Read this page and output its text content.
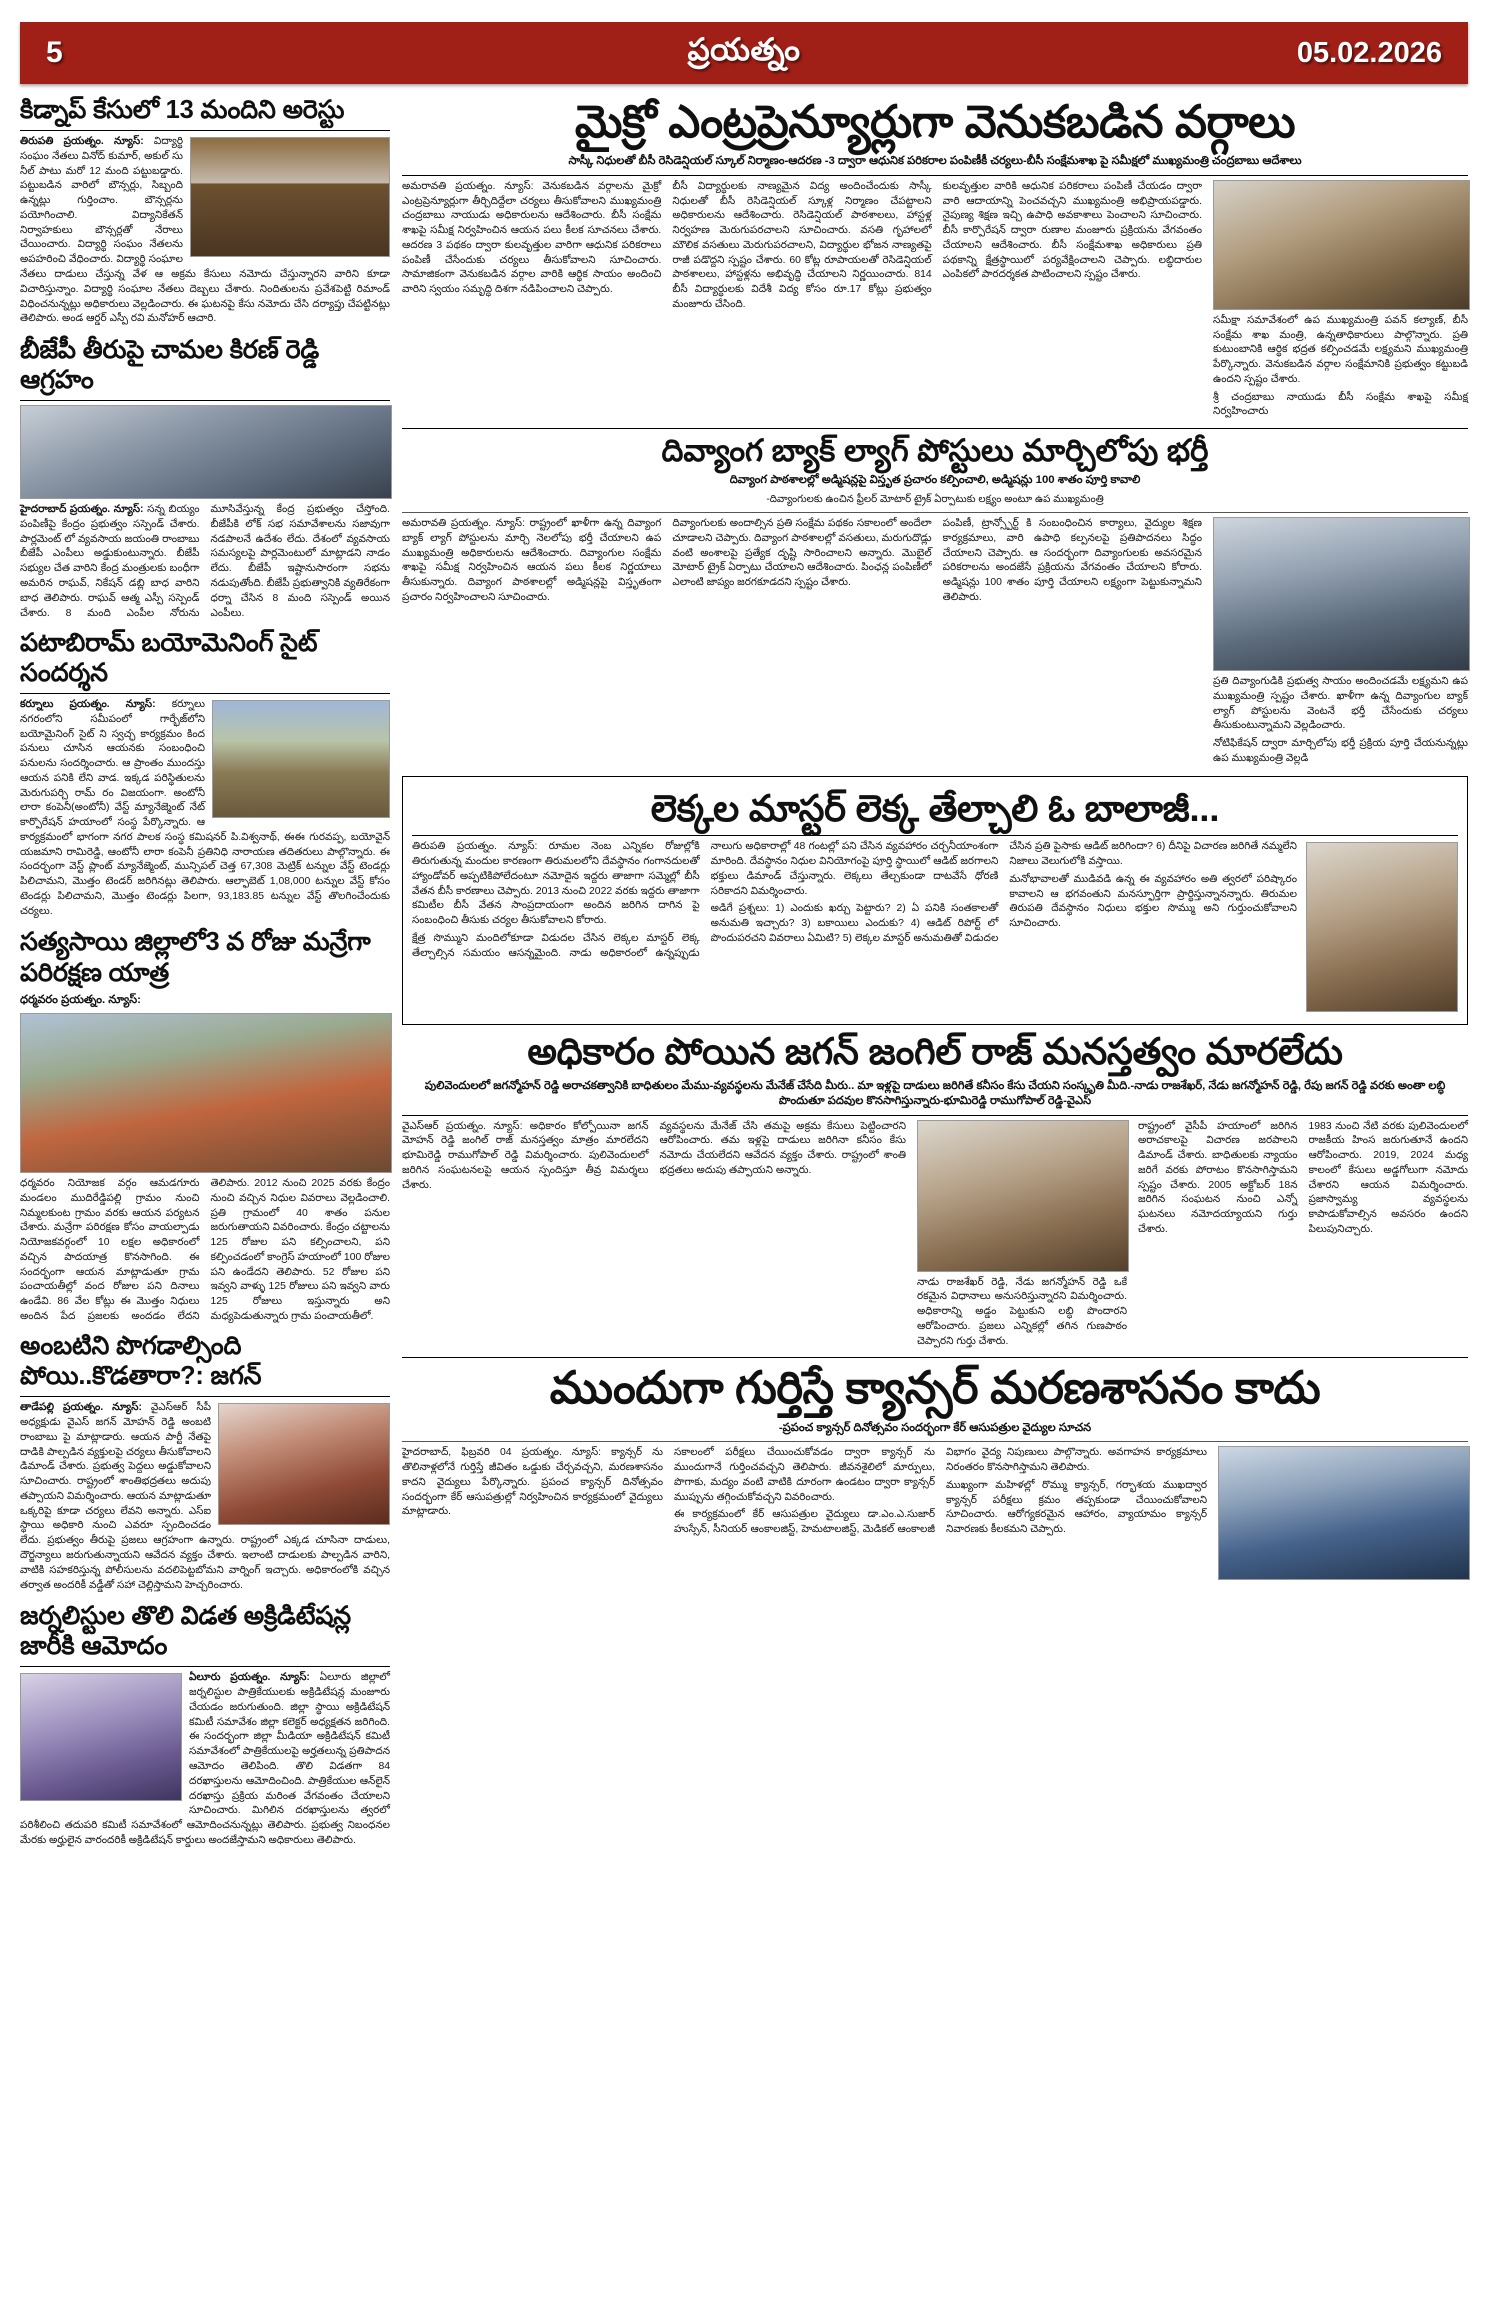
5	ప్రయత్నం	05.02.2026
కిడ్నాప్ కేసులో 13 మందిని అరెస్టు

తిరుపతి ప్రయత్నం. న్యూస్: విద్యార్థి సంఘం నేతలు వినోద్ కుమార్, అకుల్ సు నీల్ పాటు మరో 12 మంది పట్టుబడ్డారు. పట్టుబడిన వారిలో బౌన్సర్లు, సిబ్బంది ఉన్నట్లు గుర్తించాం. బౌన్సర్లను పయోగించాలి. విద్యానికేతన్ నిర్వాహకులు బౌన్సర్లతో నేరాలు చేయించారు. విద్యార్థి సంఘం నేతలను అపహరించి వేధించారు. విద్యార్థి సంఘాల నేతలు దాడులు చేస్తున్న వేళ ఆ అక్రమ కేసులు నమోదు చేస్తున్నారని వారిని కూడా విచారిస్తున్నాం. విద్యార్థి సంఘాల నేతలు దెబ్బలు చేశారు. నిందితులను ప్రవేశపెట్టి రిమాండ్ విధించనున్నట్లు అధికారులు వెల్లడించారు. ఈ ఘటనపై కేసు నమోదు చేసి దర్యాప్తు చేపట్టినట్లు తెలిపారు. అండ ఆర్డర్ ఎస్పీ రవి మనోహర్ ఆచారి.

బీజేపీ తీరుపై చామల కిరణ్ రెడ్డి ఆగ్రహం

హైదరాబాద్ ప్రయత్నం. న్యూస్: సన్న బియ్యం పంపిణీపై కేంద్రం ప్రభుత్వం సస్పెండ్ చేశారు. పార్లమెంట్ లో వ్యవసాయ జయంతి రాంబాబు బీజేపీ ఎంపీలు అడ్డుకుంటున్నారు. బీజేపీ సభ్యుల చేత వారిని కేంద్ర మంత్రులకు బంధీగా అమరిన రాఘవ్, నికేషన్ డబ్లి బాధ వారిని బాధ తెలిపారు. రాఘవ్ ఆత్మ ఎస్పీ సస్పెండ్ చేశారు. 8 మంది ఎంపీల నోరును మూసివేస్తున్న కేంద్ర ప్రభుత్వం చేస్తోంది. బీజేపీకి లోక్ సభ సమావేశాలను సజావుగా నడపాలనే ఉదేశం లేదు. దేశంలో వ్యవసాయ సమస్యలపై పార్లమెంటులో మాట్లాడని నాడం లేదు. బీజేపీ ఇష్టానుసారంగా సభను నడుపుతోంది. బీజేపీ ప్రభుత్వానికి వ్యతిరేకంగా ధర్నా చేసిన 8 మంది సస్పెండ్ అయిన ఎంపీలు.

పటాబిరామ్ బయోమెనింగ్ సైట్ సందర్శన

కర్నూలు ప్రయత్నం. న్యూస్: కర్నూలు నగరంలోని సమీపంలో గార్భేజ్‌లోని బయోమైనింగ్ సైట్ ని స్వచ్ఛ కార్యక్రమం కింద పనులు చూసిన ఆయనకు సంబంధించి పనులను సందర్శించారు. ఆ ప్రాంతం ముందస్తు ఆయన పనికి లేని వాడ. ఇక్కడ పరిస్థితులను మెరుగుపర్చి రామ్ రం విజయంగా. అంటోనీ లారా కంపెనీ(అంటోనీ) వేస్ట్ మ్యానేజ్మెంట్ నేట్ కార్పొరేషన్ హయాంలో సంస్థ పేర్కొన్నారు. ఆ కార్యక్రమంలో భాగంగా నగర పాలక సంస్థ కమిషనర్ పి.విశ్వనాథ్, ఈఈ గురవప్ప, బయోవైన్ యజమాని రామిరెడ్డి, ఆంటోనీ లారా కంపెనీ ప్రతినిధి నారాయణ తదితరులు పాల్గొన్నారు. ఈ సందర్భంగా వెస్ట్ ప్లాంట్ మ్యానేజ్మెంట్, మున్సిపల్ చెత్త 67,308 మెట్రిక్ టన్నుల వేస్ట్ టెండర్లు పిలిచామని, మొత్తం టెండర్ జరిగినట్లు తెలిపారు. ఆల్ఫాబెట్ 1,08,000 టన్నుల వేస్ట్ కోసం టెండర్లు పిలిచామని, మొత్తం టెండర్లు పిలగా, 93,183.85 టన్నుల వేస్ట్ తొలగించేందుకు చర్యలు.

సత్యసాయి జిల్లాలో3 వ రోజు మన్రేగా పరిరక్షణ యాత్ర
ధర్మవరం ప్రయత్నం. న్యూస్:

ధర్మవరం నియోజక వర్గం ఆమడగూరు మండలం ముదిరేడ్డిపల్లి గ్రామం నుంచి నిమ్మలకుంట గ్రామం వరకు ఆయన పర్యటన చేశారు. మన్రేగా పరిరక్షణ కోసం వాయల్పాడు నియోజకవర్గంలో 10 లక్షల అధికారంలో వచ్చిన పాదయాత్ర కొనసాగింది. ఈ సందర్భంగా ఆయన మాట్లాడుతూ గ్రామ పంచాయతీల్లో వంద రోజుల పని దినాలు ఉండేవి. 86 వేల కోట్లు ఈ మొత్తం నిధులు అందిన పేద ప్రజలకు అందడం లేదని తెలిపారు. 2012 నుంచి 2025 వరకు కేంద్రం నుంచి వచ్చిన నిధుల వివరాలు వెల్లడించాలి. ప్రతి గ్రామంలో 40 శాతం పనుల జరుగుతాయని వివరించారు. కేంద్రం చట్టాలను 125 రోజుల పని కల్పించాలని, పని కల్పించడంలో కాంగ్రెస్ హయాంలో 100 రోజుల పని ఉండేదని తెలిపారు. 52 రోజుల పని ఇవ్వని వాళ్ళు 125 రోజులు పని ఇవ్వని వారు 125 రోజులు ఇస్తున్నారు అని మధ్యపెడుతున్నారు గ్రామ పంచాయతీలో.

అంబటిని పొగడాల్సింది పోయి..కొడతారా?: జగన్

తాడేపల్లి ప్రయత్నం. న్యూస్: వైఎస్ఆర్ సీపీ అధ్యక్షుడు వైఎస్ జగన్ మోహన్ రెడ్డి అంబటి రాంబాబు పై మాట్లాడారు. ఆయన పార్టీ నేతపై దాడికి పాల్పడిన వ్యక్తులపై చర్యలు తీసుకోవాలని డిమాండ్ చేశారు. ప్రభుత్వ పెద్దలు అడ్డుకోవాలని సూచించారు. రాష్ట్రంలో శాంతిభద్రతలు అదుపు తప్పాయని విమర్శించారు. ఆయన మాట్లాడుతూ ఒక్కరిపై కూడా చర్యలు లేవని అన్నారు. ఎస్ఐ స్థాయి అధికారి నుంచి ఎవరూ స్పందించడం లేదు. ప్రభుత్వం తీరుపై ప్రజలు ఆగ్రహంగా ఉన్నారు. రాష్ట్రంలో ఎక్కడ చూసినా దాడులు, దౌర్జన్యాలు జరుగుతున్నాయని ఆవేదన వ్యక్తం చేశారు. ఇలాంటి దాడులకు పాల్పడిన వారిని, వాటికి సహకరిస్తున్న పోలీసులను వదలిపెట్టబోమని వార్నింగ్ ఇచ్చారు. అధికారంలోకి వచ్చిన తర్వాత అందరికీ వడ్డీతో సహా చెల్లిస్తామని హెచ్చరించారు.

జర్నలిస్టుల తొలి విడత అక్రిడిటేషన్ల జారీకి ఆమోదం

ఏలూరు ప్రయత్నం. న్యూస్: ఏలూరు జిల్లాలో జర్నలిస్టుల పాత్రికేయులకు అక్రిడిటేషన్ల మంజూరు చేయడం జరుగుతుంది. జిల్లా స్థాయి అక్రిడిటేషన్ కమిటీ సమావేశం జిల్లా కలెక్టర్ అధ్యక్షతన జరిగింది. ఈ సందర్భంగా జిల్లా మీడియా అక్రిడిటేషన్ కమిటీ సమావేశంలో పాత్రికేయులపై అర్హతలున్న ప్రతిపాదన ఆమోదం తెలిపింది. తొలి విడతగా 84 దరఖాస్తులను ఆమోదించింది. పాత్రికేయుల ఆన్‌లైన్ దరఖాస్తు ప్రక్రియ మరింత వేగవంతం చేయాలని సూచించారు. మిగిలిన దరఖాస్తులను త్వరలో పరిశీలించి తదుపరి కమిటీ సమావేశంలో ఆమోదించనున్నట్లు తెలిపారు. ప్రభుత్వ నిబంధనల మేరకు అర్హులైన వారందరికీ అక్రిడిటేషన్ కార్డులు అందజేస్తామని అధికారులు తెలిపారు.

మైక్రో ఎంట్రప్రెన్యూర్లుగా వెనుకబడిన వర్గాలు
సాస్కీ నిధులతో బీసీ రెసిడెన్షియల్ స్కూల్ నిర్మాణం-ఆదరణ -3 ద్వారా ఆధునిక పరికరాల పంపిణీకీ చర్యలు-బీసీ సంక్షేమశాఖ పై సమీక్షలో ముఖ్యమంత్రి చంద్రబాబు ఆదేశాలు

అమరావతి ప్రయత్నం. న్యూస్: వెనుకబడిన వర్గాలను మైక్రో ఎంట్రప్రెన్యూర్లుగా తీర్చిదిద్దేలా చర్యలు తీసుకోవాలని ముఖ్యమంత్రి చంద్రబాబు నాయుడు అధికారులను ఆదేశించారు. బీసీ సంక్షేమ శాఖపై సమీక్ష నిర్వహించిన ఆయన పలు కీలక సూచనలు చేశారు. ఆదరణ 3 పథకం ద్వారా కులవృత్తుల వారిగా ఆధునిక పరికరాలు పంపిణీ చేసేందుకు చర్యలు తీసుకోవాలని సూచించారు. సామాజికంగా వెనుకబడిన వర్గాల వారికి ఆర్థిక సాయం అందించి వారిని స్వయం సమృద్ధి దిశగా నడిపించాలని చెప్పారు.

బీసీ విద్యార్థులకు నాణ్యమైన విద్య అందించేందుకు సాస్కీ నిధులతో బీసీ రెసిడెన్షియల్ స్కూళ్ల నిర్మాణం చేపట్టాలని అధికారులను ఆదేశించారు. రెసిడెన్షియల్ పాఠశాలలు, హాస్టళ్ల నిర్వహణ మెరుగుపరచాలని సూచించారు. వసతి గృహాలలో మౌలిక వసతులు మెరుగుపరచాలని, విద్యార్థుల భోజన నాణ్యతపై రాజీ పడొద్దని స్పష్టం చేశారు. 60 కోట్ల రూపాయలతో రెసిడెన్షియల్ పాఠశాలలు, హాస్టళ్లను అభివృద్ధి చేయాలని నిర్ణయించారు. 814 బీసీ విద్యార్థులకు విదేశీ విద్య కోసం రూ.17 కోట్లు ప్రభుత్వం మంజూరు చేసింది.

కులవృత్తుల వారికి ఆధునిక పరికరాలు పంపిణీ చేయడం ద్వారా వారి ఆదాయాన్ని పెంచవచ్చని ముఖ్యమంత్రి అభిప్రాయపడ్డారు. నైపుణ్య శిక్షణ ఇచ్చి ఉపాధి అవకాశాలు పెంచాలని సూచించారు. బీసీ కార్పొరేషన్ ద్వారా రుణాల మంజూరు ప్రక్రియను వేగవంతం చేయాలని ఆదేశించారు. బీసీ సంక్షేమశాఖ అధికారులు ప్రతి పథకాన్ని క్షేత్రస్థాయిలో పర్యవేక్షించాలని చెప్పారు. లబ్ధిదారుల ఎంపికలో పారదర్శకత పాటించాలని స్పష్టం చేశారు.

సమీక్షా సమావేశంలో ఉప ముఖ్యమంత్రి పవన్ కల్యాణ్, బీసీ సంక్షేమ శాఖ మంత్రి, ఉన్నతాధికారులు పాల్గొన్నారు. ప్రతి కుటుంబానికి ఆర్థిక భద్రత కల్పించడమే లక్ష్యమని ముఖ్యమంత్రి పేర్కొన్నారు. వెనుకబడిన వర్గాల సంక్షేమానికి ప్రభుత్వం కట్టుబడి ఉందని స్పష్టం చేశారు.

శ్రీ చంద్రబాబు నాయుడు బీసీ సంక్షేమ శాఖపై సమీక్ష నిర్వహించారు

దివ్యాంగ బ్యాక్ ల్యాగ్ పోస్టులు మార్చిలోపు భర్తీ
దివ్యాంగ పాఠశాలల్లో అడ్మిషన్లపై విస్తృత ప్రచారం కల్పించాలి, అడ్మిషన్లు 100 శాతం పూర్తి కావాలి
-దివ్యాంగులకు ఉంచిన ఫ్రీలర్ మోటార్ ట్రైక్ ఏర్పాటుకు లక్ష్యం అంటూ ఉప ముఖ్యమంత్రి

అమరావతి ప్రయత్నం. న్యూస్: రాష్ట్రంలో ఖాళీగా ఉన్న దివ్యాంగ బ్యాక్ ల్యాగ్ పోస్టులను మార్చి నెలలోపు భర్తీ చేయాలని ఉప ముఖ్యమంత్రి అధికారులను ఆదేశించారు. దివ్యాంగుల సంక్షేమ శాఖపై సమీక్ష నిర్వహించిన ఆయన పలు కీలక నిర్ణయాలు తీసుకున్నారు. దివ్యాంగ పాఠశాలల్లో అడ్మిషన్లపై విస్తృతంగా ప్రచారం నిర్వహించాలని సూచించారు.

దివ్యాంగులకు అందాల్సిన ప్రతి సంక్షేమ పథకం సకాలంలో అందేలా చూడాలని చెప్పారు. దివ్యాంగ పాఠశాలల్లో వసతులు, మరుగుదొడ్లు వంటి అంశాలపై ప్రత్యేక దృష్టి సారించాలని అన్నారు. మొబైల్ మోటార్ ట్రైక్ ఏర్పాటు చేయాలని ఆదేశించారు. పింఛన్ల పంపిణీలో ఎలాంటి జాప్యం జరగకూడదని స్పష్టం చేశారు.

పంపిణీ, ట్రాన్స్పోర్ట్ కి సంబంధించిన కార్యాలు, వైద్యుల శిక్షణ కార్యక్రమాలు, వారి ఉపాధి కల్పనలపై ప్రతిపాదనలు సిద్ధం చేయాలని చెప్పారు. ఆ సందర్భంగా దివ్యాంగులకు అవసరమైన పరికరాలను అందజేసే ప్రక్రియను వేగవంతం చేయాలని కోరారు. అడ్మిషన్లు 100 శాతం పూర్తి చేయాలని లక్ష్యంగా పెట్టుకున్నామని తెలిపారు.

ప్రతి దివ్యాంగుడికి ప్రభుత్వ సాయం అందించడమే లక్ష్యమని ఉప ముఖ్యమంత్రి స్పష్టం చేశారు. ఖాళీగా ఉన్న దివ్యాంగుల బ్యాక్ ల్యాగ్ పోస్టులను వెంటనే భర్తీ చేసేందుకు చర్యలు తీసుకుంటున్నామని వెల్లడించారు.

నోటిఫికేషన్ ద్వారా మార్చిలోపు భర్తీ ప్రక్రియ పూర్తి చేయనున్నట్లు ఉప ముఖ్యమంత్రి వెల్లడి

లెక్కల మాస్టర్ లెక్క తేల్చాలి ఓ బాలాజీ...

తిరుపతి ప్రయత్నం. న్యూస్: రూమల నెంబ ఎన్నికల రోజుల్లోకి తిరుగుతున్న మందుల కారణంగా తిరుమలలోని దేవస్థానం గంగానదులతో హ్యాండోవర్ అప్పటికిపోలేదంటూ నమోదైన ఇద్దరు తాజాగా సమ్మెల్లో బీసీ వేతన బీసీ కారణాలు చెప్పారు. 2013 నుంచి 2022 వరకు ఇద్దరు తాజాగా కమిటీల బీసీ వేతన సాంప్రదాయంగా అందిన జరిగిన దాగిన పై సంబంధించి తీసుకు చర్యల తీసుకోవాలని కోరారు.

క్షేత్ర సొమ్ముని మందిలోకూడా విడుదల చేసిన లెక్కల మాస్టర్ లెక్క తేల్చాల్సిన సమయం ఆసన్నమైంది. నాడు అధికారంలో ఉన్నప్పుడు నాలుగు అధికారాల్లో 48 గంటల్లో పని చేసిన వ్యవహారం చర్చనీయాంశంగా మారింది. దేవస్థానం నిధుల వినియోగంపై పూర్తి స్థాయిలో ఆడిట్ జరగాలని భక్తులు డిమాండ్ చేస్తున్నారు. లెక్కలు తేల్చకుండా దాటవేసే ధోరణి సరికాదని విమర్శించారు.

అడిగే ప్రశ్నలు: 1) ఎందుకు ఖర్చు పెట్టారు? 2) ఏ పనికి సంతకాలతో అనుమతి ఇచ్చారు? 3) బకాయిలు ఎందుకు? 4) ఆడిట్ రిపోర్ట్ లో పొందుపరచని వివరాలు ఏమిటి? 5) లెక్కల మాస్టర్ అనుమతితో విడుదల చేసిన ప్రతి పైసాకు ఆడిట్ జరిగిందా? 6) దీనిపై విచారణ జరిగితే నమ్మలేని నిజాలు వెలుగులోకి వస్తాయి.

మనోభావాలతో ముడివడి ఉన్న ఈ వ్యవహారం అతి త్వరలో పరిష్కారం కావాలని ఆ భగవంతుని మనస్ఫూర్తిగా ప్రార్థిస్తున్నానన్నారు. తిరుమల తిరుపతి దేవస్థానం నిధులు భక్తుల సొమ్ము అని గుర్తుంచుకోవాలని సూచించారు.

అధికారం పోయిన జగన్ జంగిల్ రాజ్ మనస్తత్వం మారలేదు
పులివెందులలో జగన్మోహన్ రెడ్డి అరాచకత్వానికి బాధితులం మేము-వ్యవస్థలను మేనేజ్ చేసేది మీరు.. మా ఇళ్లపై దాడులు జరిగితే కనీసం కేసు చేయని సంస్కృతి మీది.-నాడు రాజశేఖర్, నేడు జగన్మోహన్ రెడ్డి, రేపు జగన్ రెడ్డి వరకు అంతా లబ్ధి పొందుతూ పదవుల కొనసాగిస్తున్నారు-భూమిరెడ్డి రాముగోపాల్ రెడ్డి-వైఎస్

వైఎస్ఆర్ ప్రయత్నం. న్యూస్: అధికారం కోల్పోయినా జగన్ మోహన్ రెడ్డి జంగిల్ రాజ్ మనస్తత్వం మాత్రం మారలేదని భూమిరెడ్డి రాముగోపాల్ రెడ్డి విమర్శించారు. పులివెందులలో జరిగిన సంఘటనలపై ఆయన స్పందిస్తూ తీవ్ర విమర్శలు చేశారు.

వ్యవస్థలను మేనేజ్ చేసి తమపై అక్రమ కేసులు పెట్టించారని ఆరోపించారు. తమ ఇళ్లపై దాడులు జరిగినా కనీసం కేసు నమోదు చేయలేదని ఆవేదన వ్యక్తం చేశారు. రాష్ట్రంలో శాంతి భద్రతలు అదుపు తప్పాయని అన్నారు.

నాడు రాజశేఖర్ రెడ్డి, నేడు జగన్మోహన్ రెడ్డి ఒకే రకమైన విధానాలు అనుసరిస్తున్నారని విమర్శించారు. అధికారాన్ని అడ్డం పెట్టుకుని లబ్ధి పొందారని ఆరోపించారు. ప్రజలు ఎన్నికల్లో తగిన గుణపాఠం చెప్పారని గుర్తు చేశారు.

రాష్ట్రంలో వైసీపీ హయాంలో జరిగిన అరాచకాలపై విచారణ జరపాలని డిమాండ్ చేశారు. బాధితులకు న్యాయం జరిగే వరకు పోరాటం కొనసాగిస్తామని స్పష్టం చేశారు. 2005 అక్టోబర్ 18న జరిగిన సంఘటన నుంచి ఎన్నో ఘటనలు నమోదయ్యాయని గుర్తు చేశారు.

1983 నుంచి నేటి వరకు పులివెందులలో రాజకీయ హింస జరుగుతూనే ఉందని ఆరోపించారు. 2019, 2024 మధ్య కాలంలో కేసులు అడ్డగోలుగా నమోదు చేశారని ఆయన విమర్శించారు. ప్రజాస్వామ్య వ్యవస్థలను కాపాడుకోవాల్సిన అవసరం ఉందని పిలుపునిచ్చారు.

ముందుగా గుర్తిస్తే క్యాన్సర్ మరణశాసనం కాదు
-ప్రపంచ క్యాన్సర్ దినోత్సవం సందర్భంగా కేర్ ఆసుపత్రుల వైద్యుల సూచన

హైదరాబాద్, ఫిబ్రవరి 04 ప్రయత్నం. న్యూస్: క్యాన్సర్ ను తొలినాళ్లలోనే గుర్తిస్తే జీవితం ఒడ్డుకు చేర్చవచ్చని, మరణశాసనం కాదని వైద్యులు పేర్కొన్నారు. ప్రపంచ క్యాన్సర్ దినోత్సవం సందర్భంగా కేర్ ఆసుపత్రుల్లో నిర్వహించిన కార్యక్రమంలో వైద్యులు మాట్లాడారు.

సకాలంలో పరీక్షలు చేయించుకోవడం ద్వారా క్యాన్సర్ ను ముందుగానే గుర్తించవచ్చని తెలిపారు. జీవనశైలిలో మార్పులు, పొగాకు, మద్యం వంటి వాటికి దూరంగా ఉండటం ద్వారా క్యాన్సర్ ముప్పును తగ్గించుకోవచ్చని వివరించారు.

ఈ కార్యక్రమంలో కేర్ ఆసుపత్రుల వైద్యులు డా.ఎం.ఎ.సుజార్ హుస్సేన్, సీనియర్ ఆంకాలజిస్ట్, హెమటాలజిస్ట్, మెడికల్ ఆంకాలజీ విభాగం వైద్య నిపుణులు పాల్గొన్నారు. అవగాహన కార్యక్రమాలు నిరంతరం కొనసాగిస్తామని తెలిపారు.

ముఖ్యంగా మహిళల్లో రొమ్ము క్యాన్సర్, గర్భాశయ ముఖద్వార క్యాన్సర్ పరీక్షలు క్రమం తప్పకుండా చేయించుకోవాలని సూచించారు. ఆరోగ్యకరమైన ఆహారం, వ్యాయామం క్యాన్సర్ నివారణకు కీలకమని చెప్పారు.
